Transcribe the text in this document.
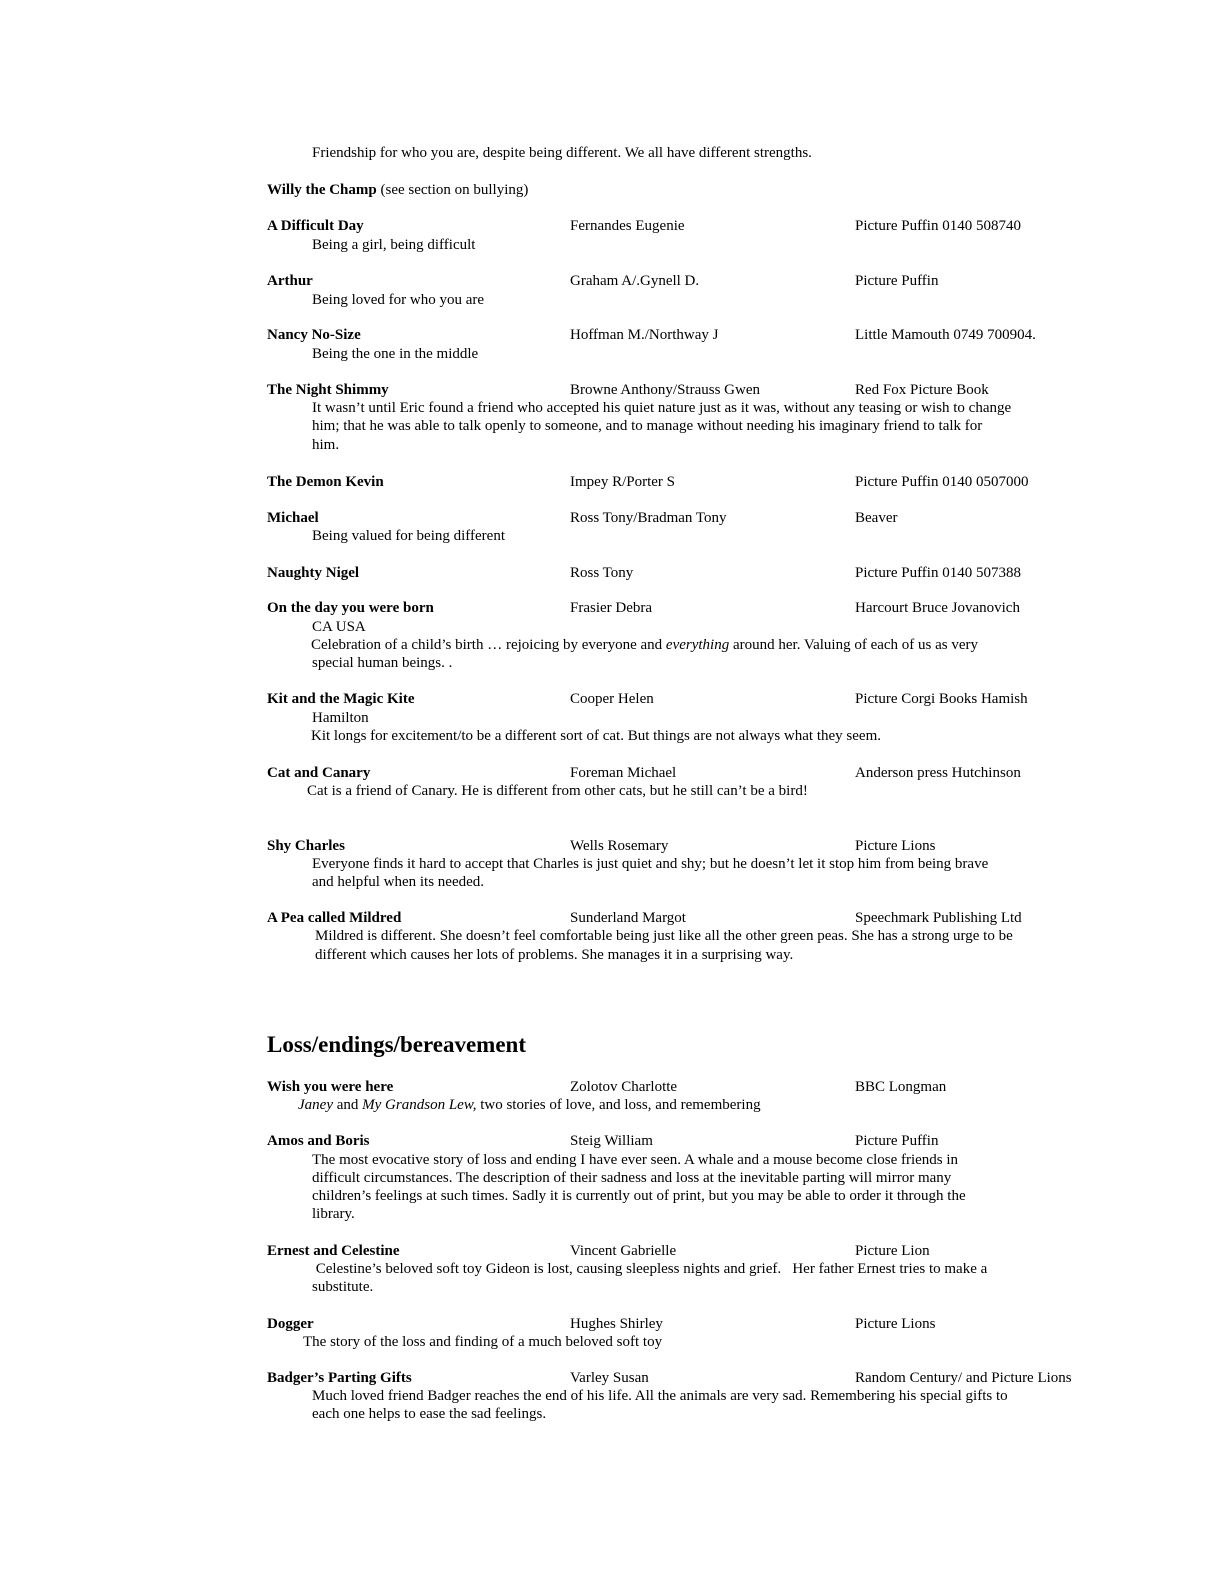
Friendship for who you are, despite being different. We all have different strengths.
Willy the Champ (see section on bullying)
A Difficult Day	Fernandes Eugenie	Picture Puffin 0140 508740
Being a girl, being difficult
Arthur	Graham A/.Gynell D.	Picture Puffin
Being loved for who you are
Nancy No-Size	Hoffman M./Northway J	Little Mamouth 0749 700904.
Being the one in the middle
The Night Shimmy	Browne Anthony/Strauss Gwen	Red Fox Picture Book
It wasn’t until Eric found a friend who accepted his quiet nature just as it was, without any teasing or wish to change
him; that he was able to talk openly to someone, and to manage without needing his imaginary friend to talk for
him.
The Demon Kevin	Impey R/Porter S	Picture Puffin 0140 0507000
Michael	Ross Tony/Bradman Tony	Beaver
Being valued for being different
Naughty Nigel	Ross Tony	Picture Puffin 0140 507388
On the day you were born	Frasier Debra	Harcourt Bruce Jovanovich
CA USA
Celebration of a child’s birth … rejoicing by everyone and everything around her. Valuing of each of us as very
special human beings. .
Kit and the Magic Kite	Cooper Helen	Picture Corgi Books Hamish
Hamilton
Kit longs for excitement/to be a different sort of cat. But things are not always what they seem.
Cat and Canary	Foreman Michael	Anderson press Hutchinson
Cat is a friend of Canary. He is different from other cats, but he still can’t be a bird!
Shy Charles	Wells Rosemary	Picture Lions
Everyone finds it hard to accept that Charles is just quiet and shy; but he doesn’t let it stop him from being brave
and helpful when its needed.
A Pea called Mildred	Sunderland Margot	Speechmark Publishing Ltd
Mildred is different. She doesn’t feel comfortable being just like all the other green peas. She has a strong urge to be
different which causes her lots of problems. She manages it in a surprising way.
Loss/endings/bereavement
Wish you were here	Zolotov Charlotte	BBC Longman
Janey and My Grandson Lew, two stories of love, and loss, and remembering
Amos and Boris	Steig William	Picture Puffin
The most evocative story of loss and ending I have ever seen. A whale and a mouse become close friends in
difficult circumstances. The description of their sadness and loss at the inevitable parting will mirror many
children’s feelings at such times. Sadly it is currently out of print, but you may be able to order it through the
library.
Ernest and Celestine	Vincent Gabrielle	Picture Lion
Celestine’s beloved soft toy Gideon is lost, causing sleepless nights and grief.   Her father Ernest tries to make a
substitute.
Dogger	Hughes Shirley	Picture Lions
The story of the loss and finding of a much beloved soft toy
Badger’s Parting Gifts	Varley Susan	Random Century/ and Picture Lions
Much loved friend Badger reaches the end of his life. All the animals are very sad. Remembering his special gifts to
each one helps to ease the sad feelings.
